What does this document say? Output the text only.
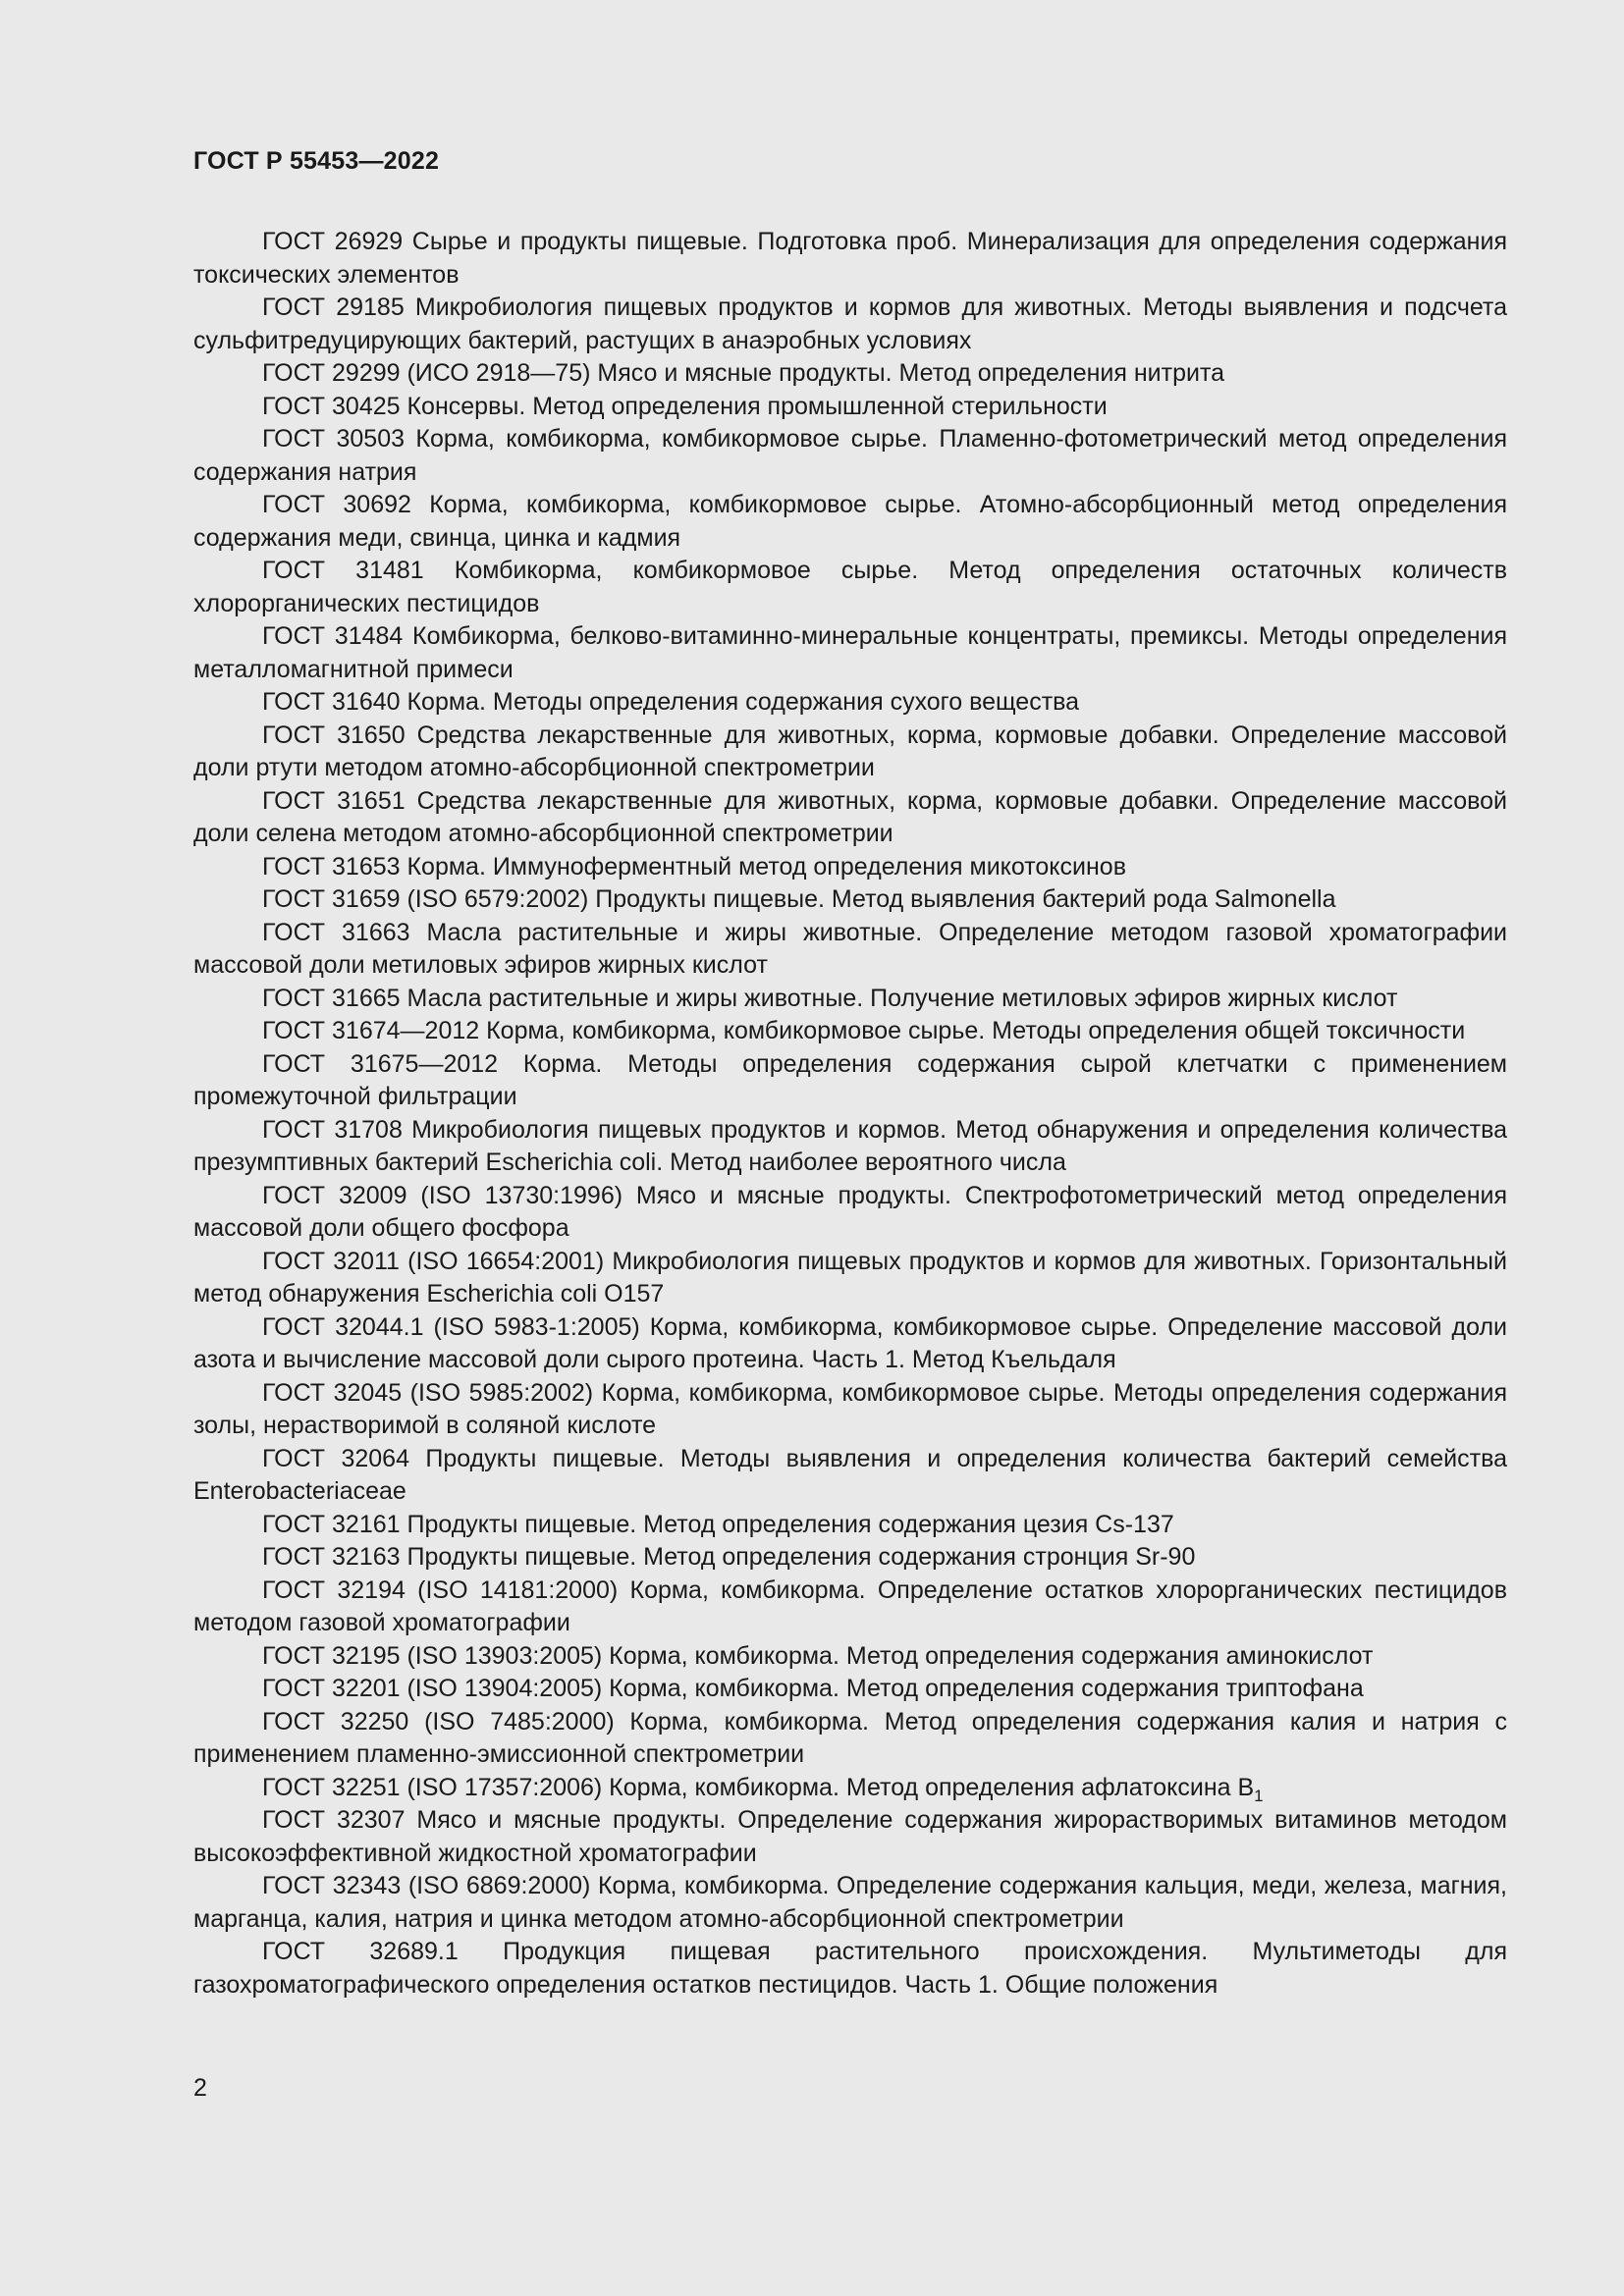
ГОСТ Р 55453—2022
ГОСТ 26929 Сырье и продукты пищевые. Подготовка проб. Минерализация для определения содержания токсических элементов
ГОСТ 29185 Микробиология пищевых продуктов и кормов для животных. Методы выявления и подсчета сульфитредуцирующих бактерий, растущих в анаэробных условиях
ГОСТ 29299 (ИСО 2918—75) Мясо и мясные продукты. Метод определения нитрита
ГОСТ 30425 Консервы. Метод определения промышленной стерильности
ГОСТ 30503 Корма, комбикорма, комбикормовое сырье. Пламенно-фотометрический метод определения содержания натрия
ГОСТ 30692 Корма, комбикорма, комбикормовое сырье. Атомно-абсорбционный метод определения содержания меди, свинца, цинка и кадмия
ГОСТ 31481 Комбикорма, комбикормовое сырье. Метод определения остаточных количеств хлорорганических пестицидов
ГОСТ 31484 Комбикорма, белково-витаминно-минеральные концентраты, премиксы. Методы определения металломагнитной примеси
ГОСТ 31640 Корма. Методы определения содержания сухого вещества
ГОСТ 31650 Средства лекарственные для животных, корма, кормовые добавки. Определение массовой доли ртути методом атомно-абсорбционной спектрометрии
ГОСТ 31651 Средства лекарственные для животных, корма, кормовые добавки. Определение массовой доли селена методом атомно-абсорбционной спектрометрии
ГОСТ 31653 Корма. Иммуноферментный метод определения микотоксинов
ГОСТ 31659 (ISO 6579:2002) Продукты пищевые. Метод выявления бактерий рода Salmonella
ГОСТ 31663 Масла растительные и жиры животные. Определение методом газовой хроматографии массовой доли метиловых эфиров жирных кислот
ГОСТ 31665 Масла растительные и жиры животные. Получение метиловых эфиров жирных кислот
ГОСТ 31674—2012 Корма, комбикорма, комбикормовое сырье. Методы определения общей токсичности
ГОСТ 31675—2012 Корма. Методы определения содержания сырой клетчатки с применением промежуточной фильтрации
ГОСТ 31708 Микробиология пищевых продуктов и кормов. Метод обнаружения и определения количества презумптивных бактерий Escherichia coli. Метод наиболее вероятного числа
ГОСТ 32009 (ISO 13730:1996) Мясо и мясные продукты. Спектрофотометрический метод определения массовой доли общего фосфора
ГОСТ 32011 (ISO 16654:2001) Микробиология пищевых продуктов и кормов для животных. Горизонтальный метод обнаружения Escherichia coli O157
ГОСТ 32044.1 (ISO 5983-1:2005) Корма, комбикорма, комбикормовое сырье. Определение массовой доли азота и вычисление массовой доли сырого протеина. Часть 1. Метод Къельдаля
ГОСТ 32045 (ISO 5985:2002) Корма, комбикорма, комбикормовое сырье. Методы определения содержания золы, нерастворимой в соляной кислоте
ГОСТ 32064 Продукты пищевые. Методы выявления и определения количества бактерий семейства Enterobacteriaceae
ГОСТ 32161 Продукты пищевые. Метод определения содержания цезия Cs-137
ГОСТ 32163 Продукты пищевые. Метод определения содержания стронция Sr-90
ГОСТ 32194 (ISO 14181:2000) Корма, комбикорма. Определение остатков хлорорганических пестицидов методом газовой хроматографии
ГОСТ 32195 (ISO 13903:2005) Корма, комбикорма. Метод определения содержания аминокислот
ГОСТ 32201 (ISO 13904:2005) Корма, комбикорма. Метод определения содержания триптофана
ГОСТ 32250 (ISO 7485:2000) Корма, комбикорма. Метод определения содержания калия и натрия с применением пламенно-эмиссионной спектрометрии
ГОСТ 32251 (ISO 17357:2006) Корма, комбикорма. Метод определения афлатоксина $B_1$
ГОСТ 32307 Мясо и мясные продукты. Определение содержания жирорастворимых витаминов методом высокоэффективной жидкостной хроматографии
ГОСТ 32343 (ISO 6869:2000) Корма, комбикорма. Определение содержания кальция, меди, железа, магния, марганца, калия, натрия и цинка методом атомно-абсорбционной спектрометрии
ГОСТ 32689.1 Продукция пищевая растительного происхождения. Мультиметоды для газохроматографического определения остатков пестицидов. Часть 1. Общие положения
2
